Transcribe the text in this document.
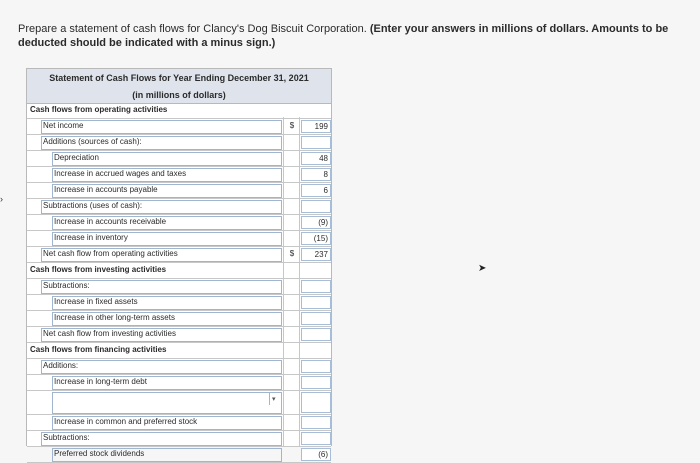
Prepare a statement of cash flows for Clancy's Dog Biscuit Corporation. (Enter your answers in millions of dollars. Amounts to be deducted should be indicated with a minus sign.)
›
➤
Statement of Cash Flows for Year Ending December 31, 2021
(in millions of dollars)
Cash flows from operating activities
Net income	$	199
Additions (sources of cash):
Depreciation	48
Increase in accrued wages and taxes	8
Increase in accounts payable	6
Subtractions (uses of cash):
Increase in accounts receivable	(9)
Increase in inventory	(15)
Net cash flow from operating activities	$	237
Cash flows from investing activities
Subtractions:
Increase in fixed assets
Increase in other long-term assets
Net cash flow from investing activities
Cash flows from financing activities
Additions:
Increase in long-term debt
▾
Increase in common and preferred stock
Subtractions:
Preferred stock dividends	(6)
